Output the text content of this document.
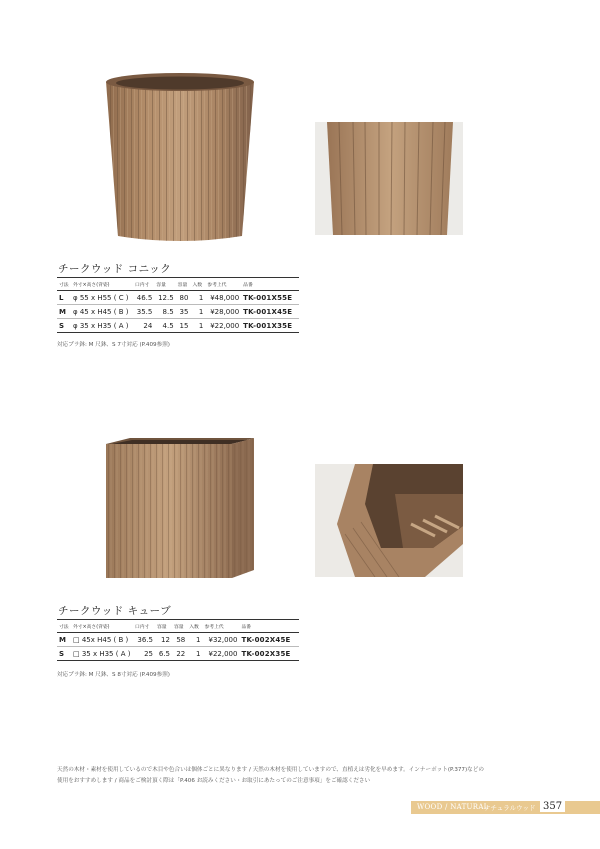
チークウッド コニック
寸法	外寸×高さ(背姿)	口内寸	容量	容量	入数	参考上代	品番
L	φ 55 x H55 ( C )	46.5	12.5	80	1	¥48,000	TK-001X55E
M	φ 45 x H45 ( B )	35.5	8.5	35	1	¥28,000	TK-001X45E
S	φ 35 x H35 ( A )	24	4.5	15	1	¥22,000	TK-001X35E
対応プラ鉢: M 尺鉢、S 7寸対応 (P.409参照)
チークウッド キューブ
寸法	外寸×高さ(背姿)	口内寸	容量	容量	入数	参考上代	品番
M	□ 45x H45 ( B )	36.5	12	58	1	¥32,000	TK-002X45E
S	□ 35 x H35 ( A )	25	6.5	22	1	¥22,000	TK-002X35E
対応プラ鉢: M 尺鉢、S 8寸対応 (P.409参照)
天然の木材・素材を使用しているので木目や色合いは個体ごとに異なります / 天然の木材を使用していますので、直植えは劣化を早めます。インナーポット(P.377)などの
使用をおすすめします / 商品をご検討頂く際は「P.406 お読みください・お取引にあたってのご注意事項」をご確認ください
WOOD / NATURAL
ナチュラルウッド 357
